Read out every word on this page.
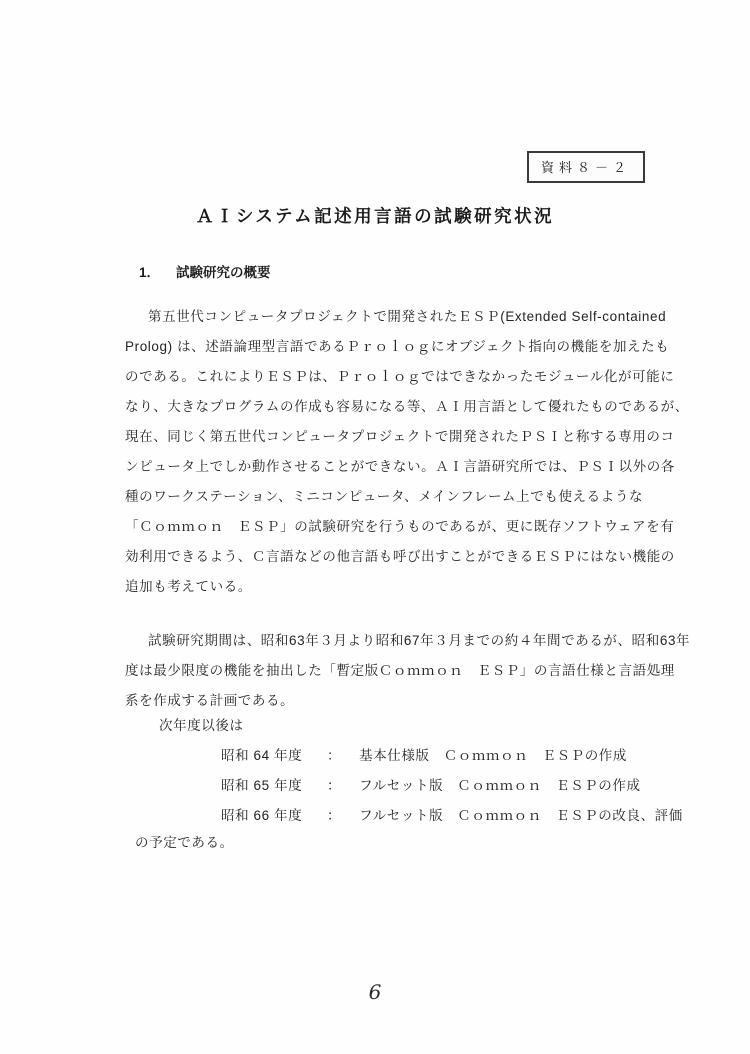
資料８－２
ＡＩシステム記述用言語の試験研究状況
1． 試験研究の概要
第五世代コンピュータプロジェクトで開発されたＥＳＰ(Extended Self-contained
Prolog) は、述語論理型言語であるＰｒｏｌｏｇにオブジェクト指向の機能を加えたも
のである。これによりＥＳＰは、Ｐｒｏｌｏｇではできなかったモジュール化が可能に
なり、大きなプログラムの作成も容易になる等、ＡＩ用言語として優れたものであるが、
現在、同じく第五世代コンピュータプロジェクトで開発されたＰＳＩと称する専用のコ
ンピュータ上でしか動作させることができない。ＡＩ言語研究所では、ＰＳＩ以外の各
種のワークステーション、ミニコンピュータ、メインフレーム上でも使えるような
「Ｃｏｍｍｏｎ　ＥＳＰ」の試験研究を行うものであるが、更に既存ソフトウェアを有
効利用できるよう、Ｃ言語などの他言語も呼び出すことができるＥＳＰにはない機能の
追加も考えている。
試験研究期間は、昭和63年３月より昭和67年３月までの約４年間であるが、昭和63年
度は最少限度の機能を抽出した「暫定版Ｃｏｍｍｏｎ　ＥＳＰ」の言語仕様と言語処理
系を作成する計画である。
次年度以後は
昭和 64 年度	： 基本仕様版　Ｃｏｍｍｏｎ　ＥＳＰの作成
昭和 65 年度	： フルセット版　Ｃｏｍｍｏｎ　ＥＳＰの作成
昭和 66 年度	： フルセット版　Ｃｏｍｍｏｎ　ＥＳＰの改良、評価
の予定である。
6
